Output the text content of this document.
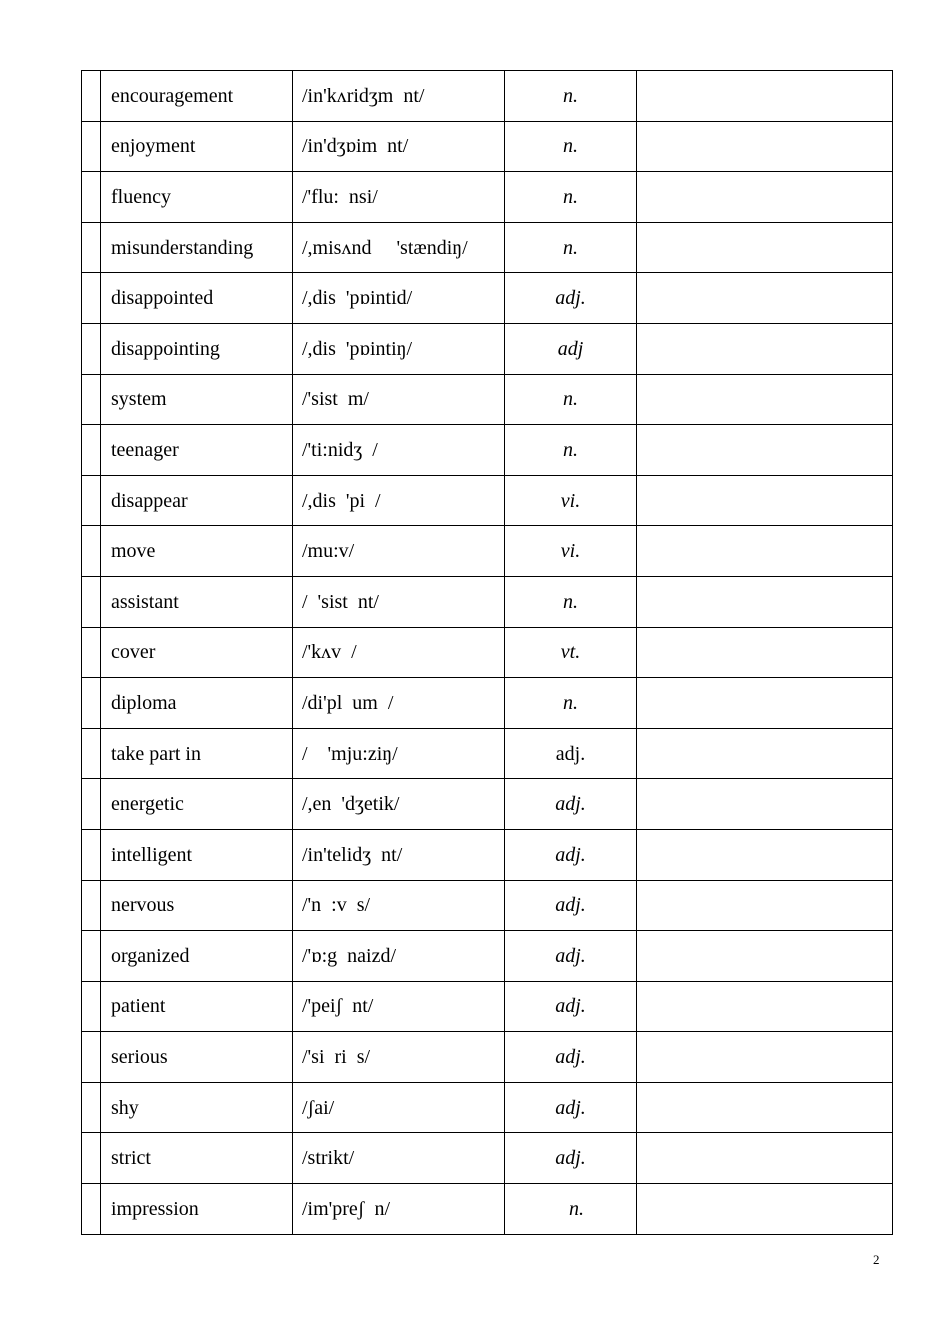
	encouragement	/in'kʌridʒm  nt/	n.	
	enjoyment	/in'dʒɒim  nt/	n.	
	fluency	/'flu:  nsi/	n.	
	misunderstanding	/,misʌnd     'stændiŋ/	n.	
	disappointed	/,dis  'pɒintid/	adj.	
	disappointing	/,dis  'pɒintiŋ/	adj	
	system	/'sist  m/	n.	
	teenager	/'ti:nidʒ  /	n.	
	disappear	/,dis  'pi  /	vi.	
	move	/mu:v/	vi.	
	assistant	/  'sist  nt/	n.	
	cover	/'kʌv  /	vt.	
	diploma	/di'pl  um  /	n.	
	take part in	/    'mju:ziŋ/	adj.	
	energetic	/,en  'dʒetik/	adj.	
	intelligent	/in'telidʒ  nt/	adj.	
	nervous	/'n  :v  s/	adj.	
	organized	/'ɒ:g  naizd/	adj.	
	patient	/'peiʃ  nt/	adj.	
	serious	/'si  ri  s/	adj.	
	shy	/ʃai/	adj.	
	strict	/strikt/	adj.	
	impression	/im'preʃ  n/	n.	
2
